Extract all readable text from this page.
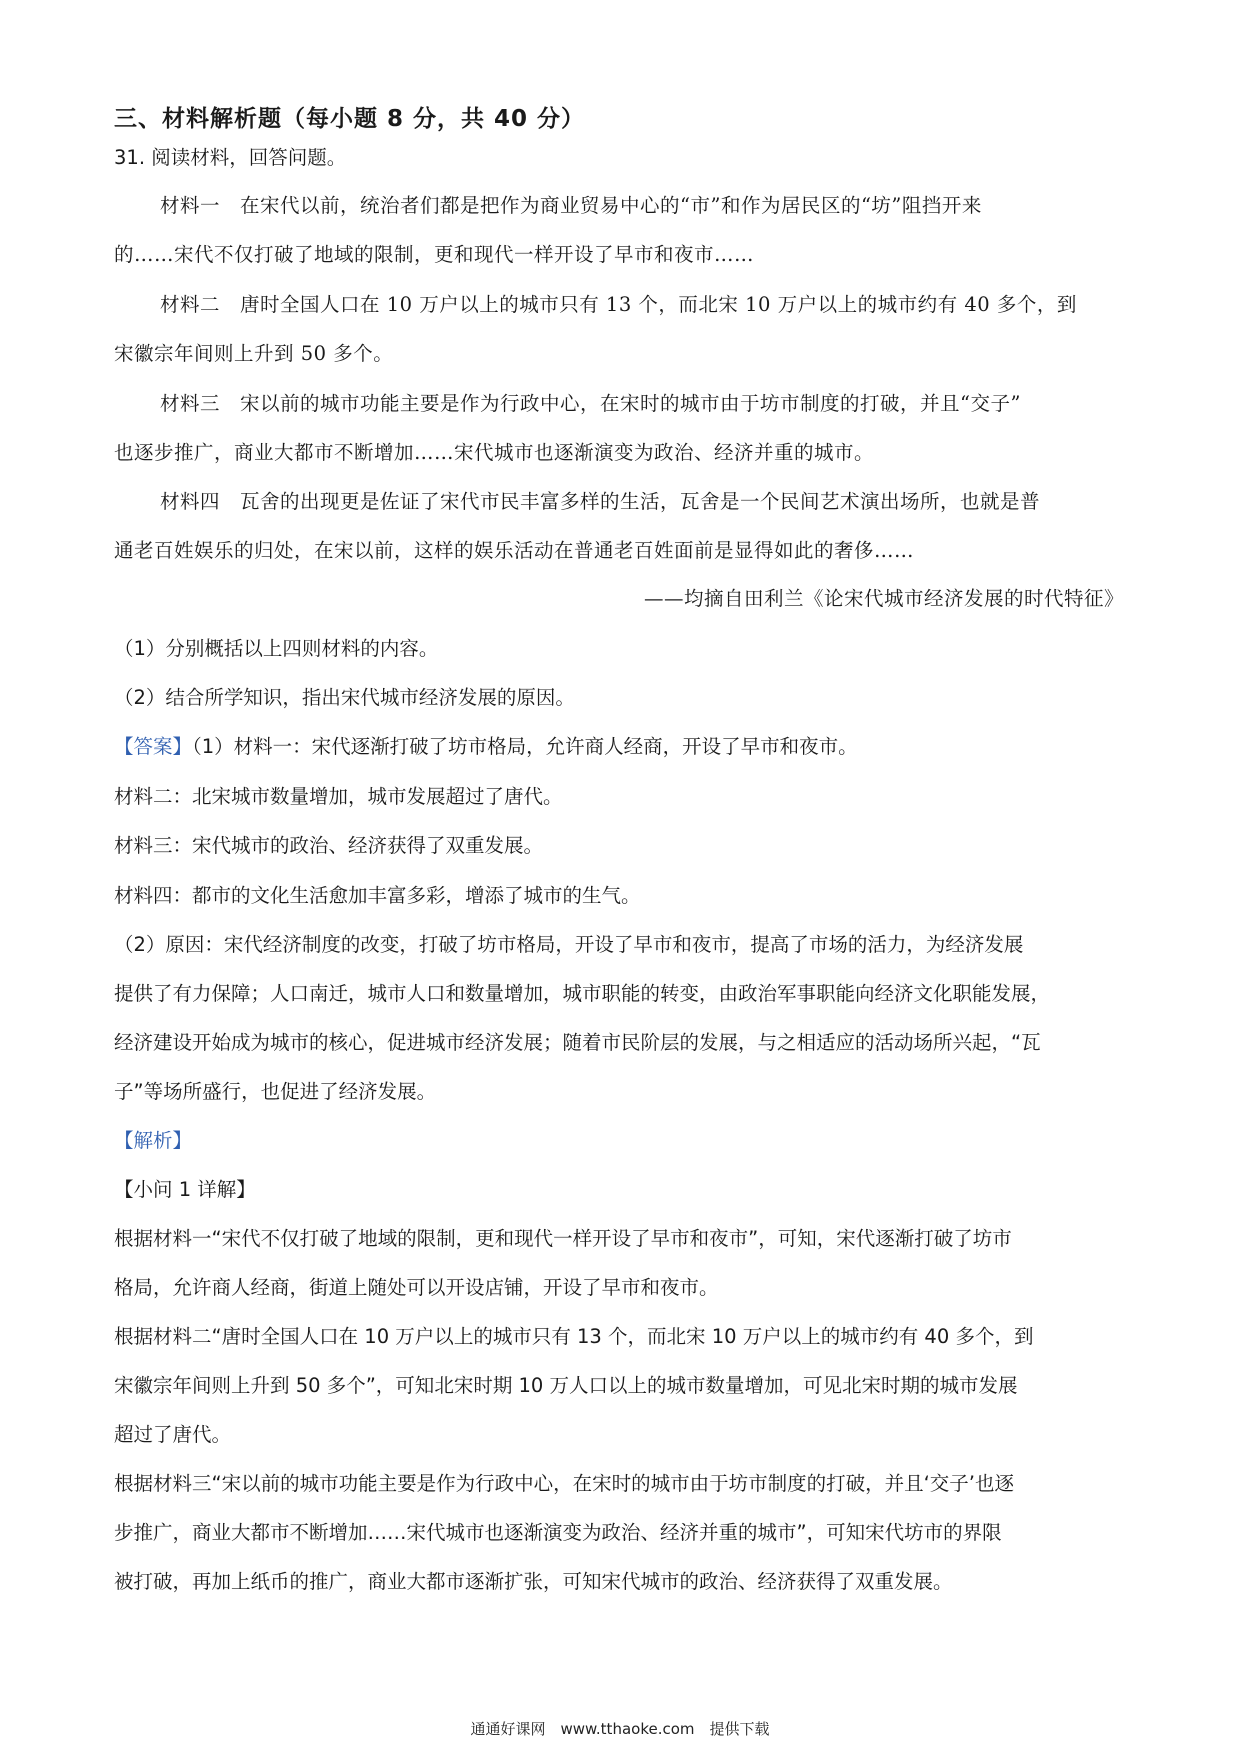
三、材料解析题（每小题 8 分，共 40 分）
31. 阅读材料，回答问题。
材料一　在宋代以前，统治者们都是把作为商业贸易中心的“市”和作为居民区的“坊”阻挡开来
的……宋代不仅打破了地域的限制，更和现代一样开设了早市和夜市……
材料二　唐时全国人口在 10 万户以上的城市只有 13 个，而北宋 10 万户以上的城市约有 40 多个，到
宋徽宗年间则上升到 50 多个。
材料三　宋以前的城市功能主要是作为行政中心，在宋时的城市由于坊市制度的打破，并且“交子”
也逐步推广，商业大都市不断增加……宋代城市也逐渐演变为政治、经济并重的城市。
材料四　瓦舍的出现更是佐证了宋代市民丰富多样的生活，瓦舍是一个民间艺术演出场所，也就是普
通老百姓娱乐的归处，在宋以前，这样的娱乐活动在普通老百姓面前是显得如此的奢侈……
——均摘自田利兰《论宋代城市经济发展的时代特征》
（1）分别概括以上四则材料的内容。
（2）结合所学知识，指出宋代城市经济发展的原因。
【答案】（1）材料一：宋代逐渐打破了坊市格局，允许商人经商，开设了早市和夜市。
材料二：北宋城市数量增加，城市发展超过了唐代。
材料三：宋代城市的政治、经济获得了双重发展。
材料四：都市的文化生活愈加丰富多彩，增添了城市的生气。
（2）原因：宋代经济制度的改变，打破了坊市格局，开设了早市和夜市，提高了市场的活力，为经济发展
提供了有力保障；人口南迁，城市人口和数量增加，城市职能的转变，由政治军事职能向经济文化职能发展，
经济建设开始成为城市的核心，促进城市经济发展；随着市民阶层的发展，与之相适应的活动场所兴起，“瓦
子”等场所盛行，也促进了经济发展。
【解析】
【小问 1 详解】
根据材料一“宋代不仅打破了地域的限制，更和现代一样开设了早市和夜市”，可知，宋代逐渐打破了坊市
格局，允许商人经商，街道上随处可以开设店铺，开设了早市和夜市。
根据材料二“唐时全国人口在 10 万户以上的城市只有 13 个，而北宋 10 万户以上的城市约有 40 多个，到
宋徽宗年间则上升到 50 多个”，可知北宋时期 10 万人口以上的城市数量增加，可见北宋时期的城市发展
超过了唐代。
根据材料三“宋以前的城市功能主要是作为行政中心，在宋时的城市由于坊市制度的打破，并且‘交子’也逐
步推广，商业大都市不断增加……宋代城市也逐渐演变为政治、经济并重的城市”，可知宋代坊市的界限
被打破，再加上纸币的推广，商业大都市逐渐扩张，可知宋代城市的政治、经济获得了双重发展。
通通好课网　www.tthaoke.com　提供下载
